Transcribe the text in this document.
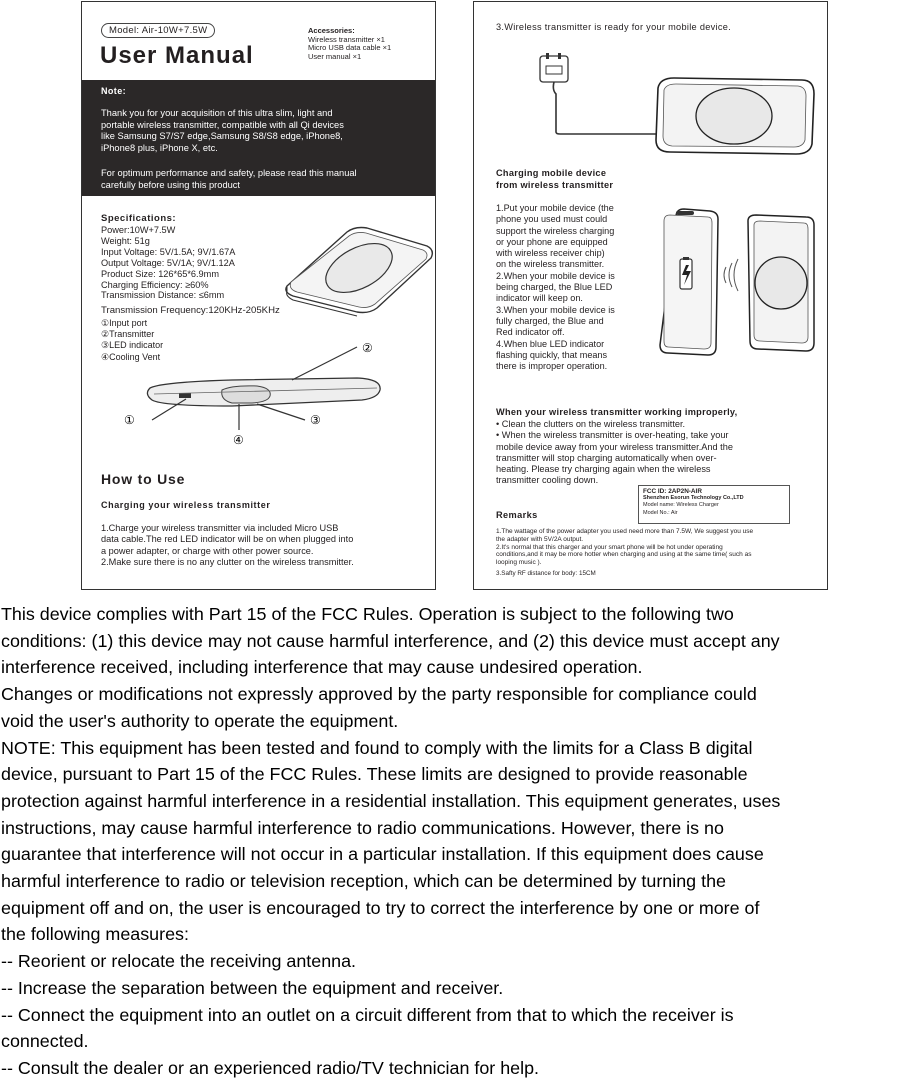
Model: Air-10W+7.5W
User Manual
Accessories:
Wireless transmitter ×1
Micro USB data cable ×1
User manual ×1
Note:
Thank you for your acquisition of this ultra slim, light and
portable wireless transmitter, compatible with all Qi devices
like Samsung S7/S7 edge,Samsung S8/S8 edge, iPhone8,
iPhone8 plus, iPhone X, etc.
For optimum performance and safety, please read this manual
carefully before using this product
Specifications:
Power:10W+7.5W
Weight: 51g
Input Voltage: 5V/1.5A; 9V/1.67A
Output Voltage: 5V/1A; 9V/1.12A
Product Size: 126*65*6.9mm
Charging Efficiency: ≥60%
Transmission Distance: ≤6mm
Transmission Frequency:120KHz-205KHz
①Input port
②Transmitter
③LED indicator
④Cooling Vent
②
①	③
④
How to Use
Charging your wireless transmitter
1.Charge your wireless transmitter via included Micro USB
data cable.The red LED indicator will be on when plugged into
a power adapter, or charge with other power source.
2.Make sure there is no any clutter on the wireless transmitter.
3.Wireless transmitter is ready for your mobile device.
Charging mobile device
from wireless transmitter
1.Put your mobile device (the
phone you used must could
support the wireless charging
or your phone are equipped
with wireless receiver chip)
on the wireless transmitter.
2.When your mobile device is
being charged, the Blue LED
indicator will keep on.
3.When your mobile device is
fully charged, the Blue and
Red indicator off.
4.When blue LED indicator
flashing quickly, that means
there is improper operation.
When your wireless transmitter working improperly,
• Clean the clutters on the wireless transmitter.
• When the wireless transmitter is over-heating, take your
mobile device away from your wireless transmitter.And the
transmitter will stop charging automatically when over-
heating. Please try charging again when the wireless
transmitter cooling down.
FCC ID: 2AP2N-AIR
Shenzhen Esorun Technology Co.,LTD
Model name: Wireless Charger
Model No.: Air
Remarks
1.The wattage of the power adapter you used need more than 7.5W, We suggest you use
the adapter with 5V/2A output.
2.It's normal that this charger and your smart phone will be hot under operating
conditions,and it may be more hotter when charging and using at the same time( such as
looping music ).
3.Safty RF distance for body: 15CM
This device complies with Part 15 of the FCC Rules. Operation is subject to the following two
conditions: (1) this device may not cause harmful interference, and (2) this device must accept any
interference received, including interference that may cause undesired operation.
Changes or modifications not expressly approved by the party responsible for compliance could
void the user's authority to operate the equipment.
NOTE: This equipment has been tested and found to comply with the limits for a Class B digital
device, pursuant to Part 15 of the FCC Rules. These limits are designed to provide reasonable
protection against harmful interference in a residential installation. This equipment generates, uses
instructions, may cause harmful interference to radio communications. However, there is no
guarantee that interference will not occur in a particular installation. If this equipment does cause
harmful interference to radio or television reception, which can be determined by turning the
equipment off and on, the user is encouraged to try to correct the interference by one or more of
the following measures:
-- Reorient or relocate the receiving antenna.
-- Increase the separation between the equipment and receiver.
-- Connect the equipment into an outlet on a circuit different from that to which the receiver is
connected.
-- Consult the dealer or an experienced radio/TV technician for help.
